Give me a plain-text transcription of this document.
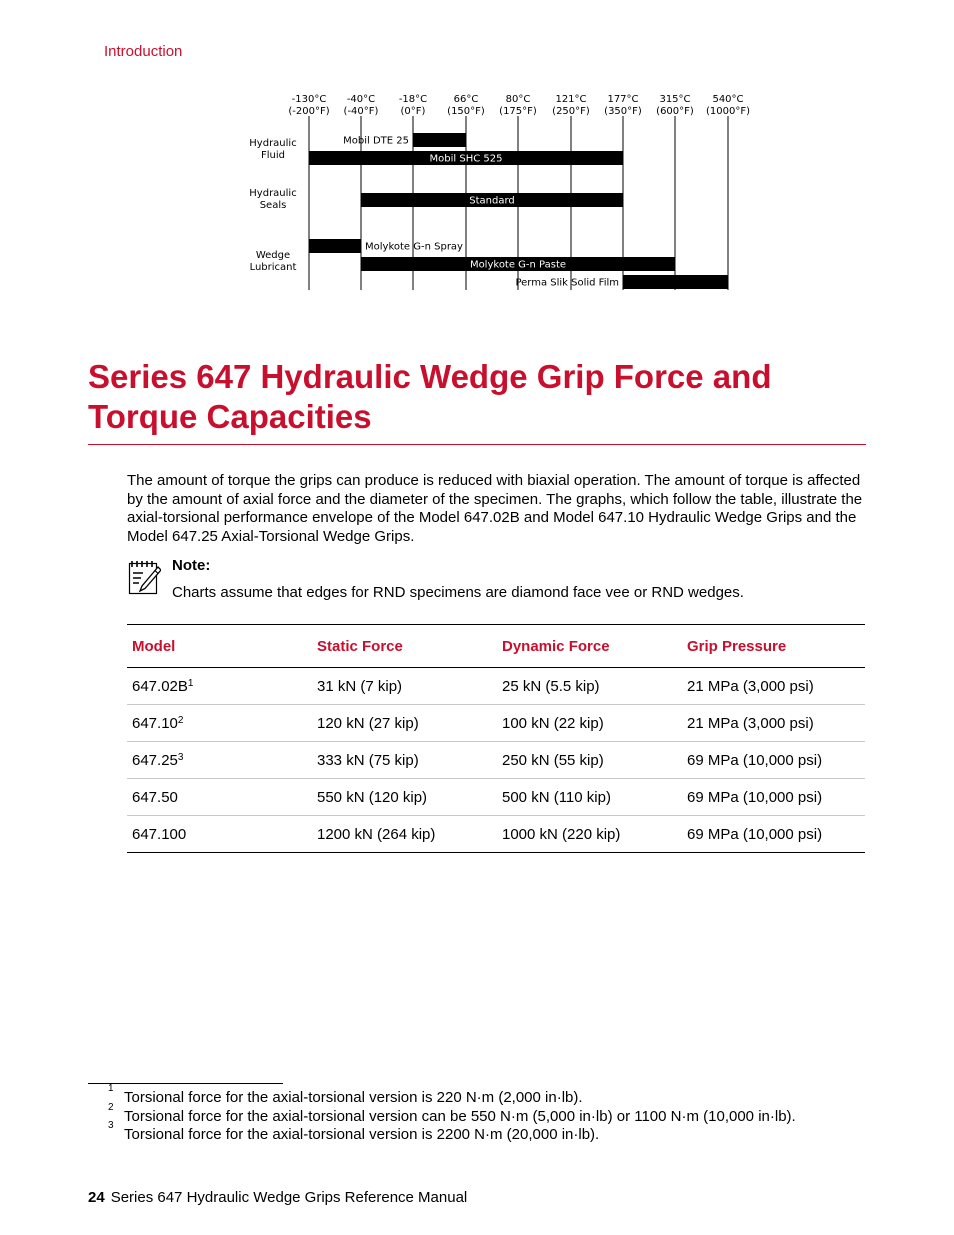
Introduction
-130°C
(-200°F)
-40°C
(-40°F)
-18°C
(0°F)
66°C
(150°F)
80°C
(175°F)
121°C
(250°F)
177°C
(350°F)
315°C
(600°F)
540°C
(1000°F)
Hydraulic
Fluid
Hydraulic
Seals
Wedge
Lubricant
Mobil DTE 25
Mobil SHC 525
Standard
Molykote G-n Spray
Molykote G-n Paste
Perma Slik Solid Film
Series 647 Hydraulic Wedge Grip Force and Torque Capacities

The amount of torque the grips can produce is reduced with biaxial operation. The amount of torque is affected by the amount of axial force and the diameter of the specimen. The graphs, which follow the table, illustrate the axial-torsional performance envelope of the Model 647.02B and Model 647.10 Hydraulic Wedge Grips and the Model 647.25 Axial-Torsional Wedge Grips.

Note:
Charts assume that edges for RND specimens are diamond face vee or RND wedges.
Model	Static Force	Dynamic Force	Grip Pressure
$647.02B^1$	31 kN (7 kip)	25 kN (5.5 kip)	21 MPa (3,000 psi)
647.10$^2$	120 kN (27 kip)	100 kN (22 kip)	21 MPa (3,000 psi)
647.25$^3$	333 kN (75 kip)	250 kN (55 kip)	69 MPa (10,000 psi)
647.50	550 kN (120 kip)	500 kN (110 kip)	69 MPa (10,000 psi)
647.100	1200 kN (264 kip)	1000 kN (220 kip)	69 MPa (10,000 psi)
1
Torsional force for the axial-torsional version is 220 N·m (2,000 in·lb).
2
Torsional force for the axial-torsional version can be 550 N·m (5,000 in·lb) or 1100 N·m (10,000 in·lb).
3
Torsional force for the axial-torsional version is 2200 N·m (20,000 in·lb).
24 Series 647 Hydraulic Wedge Grips Reference Manual
